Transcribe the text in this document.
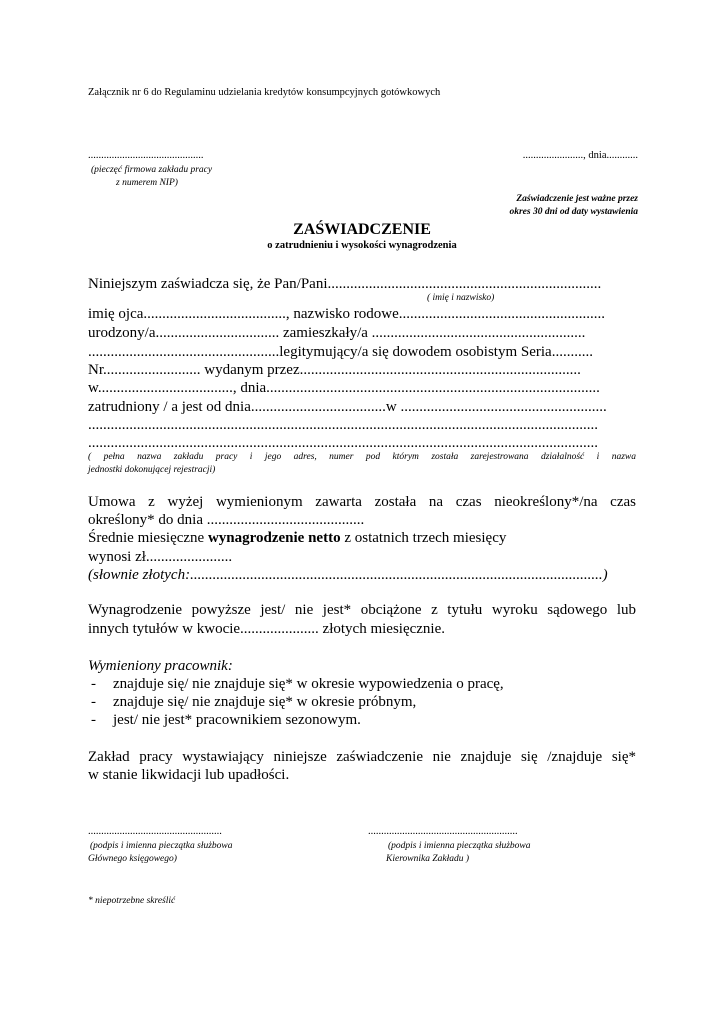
Załącznik nr 6 do Regulaminu udzielania kredytów konsumpcyjnych gotówkowych
............................................
(pieczęć firmowa zakładu pracy
z numerem NIP)
......................., dnia............
Zaświadczenie jest ważne przez
okres 30 dni od daty wystawienia
ZAŚWIADCZENIE
o zatrudnieniu i wysokości wynagrodzenia
Niniejszym zaświadcza się, że Pan/Pani.........................................................................
( imię i nazwisko)
imię ojca......................................, nazwisko rodowe.......................................................
urodzony/a................................. zamieszkały/a .........................................................
...................................................legitymujący/a się dowodem osobistym Seria...........
Nr.......................... wydanym przez...........................................................................
w...................................., dnia.........................................................................................
zatrudniony / a jest od dnia....................................w .......................................................
........................................................................................................................................
........................................................................................................................................
( pełna nazwa zakładu pracy i jego adres, numer pod którym została zarejestrowana działalność i nazwa
jednostki dokonującej rejestracji)
Umowa z wyżej wymienionym zawarta została na czas nieokreślony*/na czas
określony* do dnia ..........................................
Średnie miesięczne wynagrodzenie netto z ostatnich trzech miesięcy
wynosi zł.......................
(słownie złotych:..............................................................................................................)
Wynagrodzenie powyższe jest/ nie jest* obciążone z tytułu wyroku sądowego lub
innych tytułów w kwocie..................... złotych miesięcznie.
Wymieniony pracownik:
- znajduje się/ nie znajduje się* w okresie wypowiedzenia o pracę,
- znajduje się/ nie znajduje się* w okresie próbnym,
- jest/ nie jest* pracownikiem sezonowym.
Zakład pracy wystawiający niniejsze zaświadczenie nie znajduje się /znajduje się*
w stanie likwidacji lub upadłości.
...................................................
(podpis i imienna pieczątka służbowa
Głównego księgowego)
.........................................................
(podpis i imienna pieczątka służbowa
Kierownika Zakładu )
* niepotrzebne skreślić
